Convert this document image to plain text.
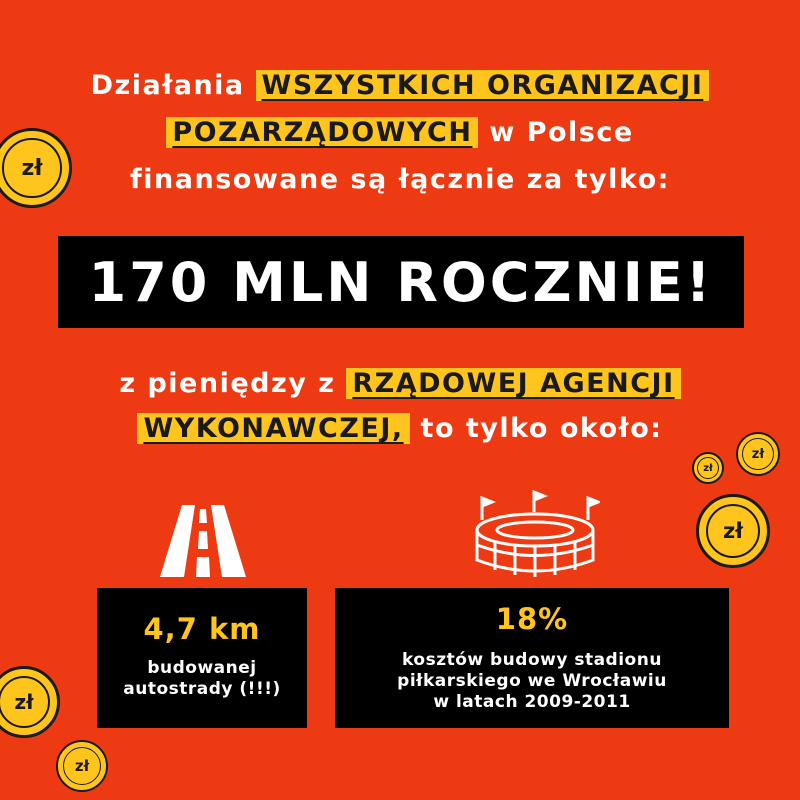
Działania WSZYSTKICH ORGANIZACJI
POZARZĄDOWYCH w Polsce
finansowane są łącznie za tylko:
170 MLN ROCZNIE!
z pieniędzy z RZĄDOWEJ AGENCJI
WYKONAWCZEJ, to tylko około:
4,7 km
budowanej
autostrady (!!!)
18%
kosztów budowy stadionu
piłkarskiego we Wrocławiu
w latach 2009-2011
zł
zł
zł
zł
zł
zł
